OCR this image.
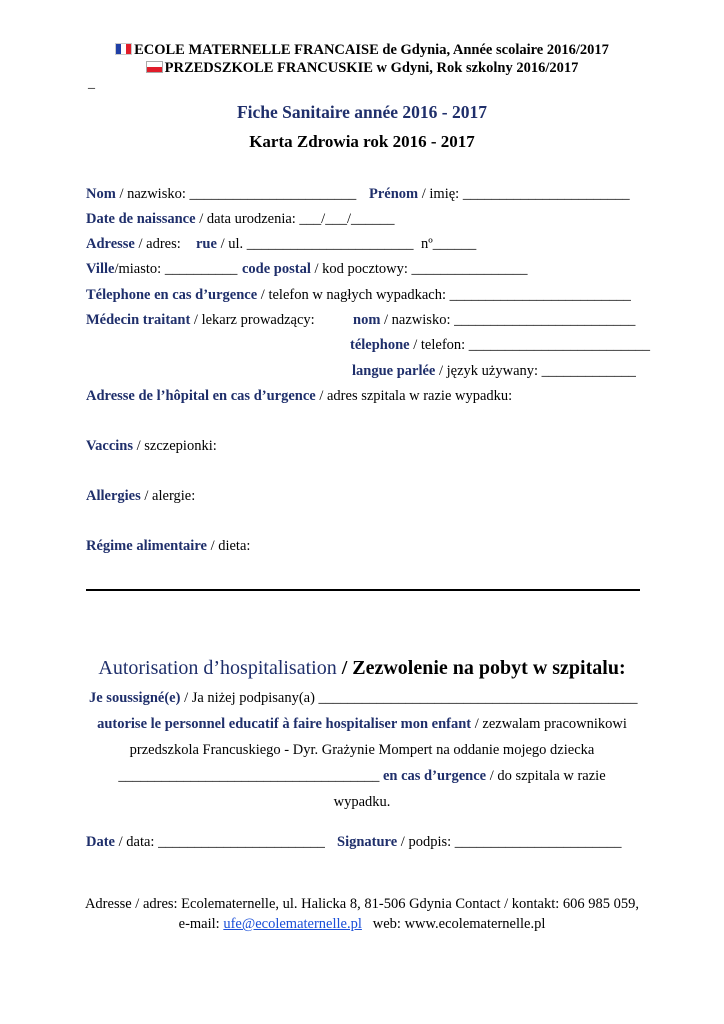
ECOLE MATERNELLE FRANCAISE de Gdynia, Année scolaire 2016/2017
PRZEDSZKOLE FRANCUSKIE w Gdyni, Rok szkolny 2016/2017
_
Fiche Sanitaire année 2016 - 2017
Karta Zdrowia rok 2016 - 2017
Nom / nazwisko: _______________________ Prénom / imię: _______________________
Date de naissance / data urodzenia: ___/___/______
Adresse / adres: rue / ul. _______________________ nº______
Ville/miasto: __________ code postal / kod pocztowy: ________________
Télephone en cas d’urgence / telefon w nagłych wypadkach: _________________________
Médecin traitant / lekarz prowadzący:	nom / nazwisko: _________________________
télephone / telefon: _________________________
langue parlée / język używany: _____________
Adresse de l’hôpital en cas d’urgence / adres szpitala w razie wypadku:
Vaccins / szczepionki:
Allergies / alergie:
Régime alimentaire / dieta:
Autorisation d’hospitalisation / Zezwolenie na pobyt w szpitalu:
Je soussigné(e) / Ja niżej podpisany(a) ____________________________________________
autorise le personnel educatif à faire hospitaliser mon enfant / zezwalam pracownikowi
przedszkola Francuskiego - Dyr. Grażynie Mompert na oddanie mojego dziecka
____________________________________ en cas d’urgence / do szpitala w razie
wypadku.
Date / data: _______________________ Signature / podpis: _______________________
Adresse / adres: Ecolematernelle, ul. Halicka 8, 81-506 Gdynia Contact / kontakt: 606 985 059,
e-mail: ufe@ecolematernelle.pl web: www.ecolematernelle.pl
